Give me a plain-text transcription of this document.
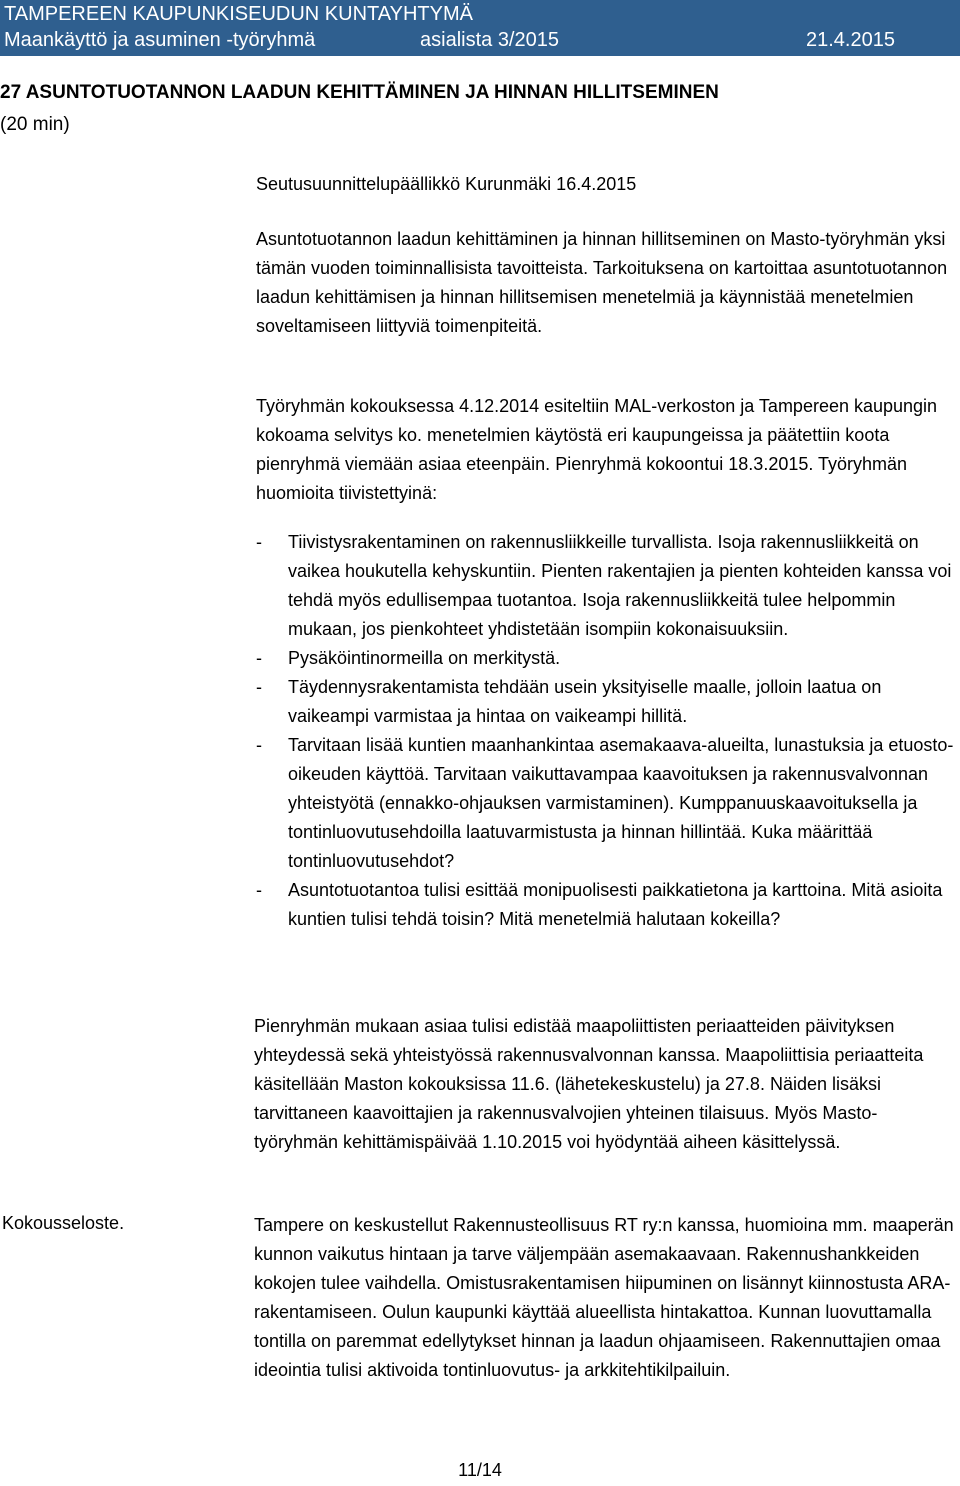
TAMPEREEN KAUPUNKISEUDUN KUNTAYHTYMÄ
Maankäyttö ja asuminen -työryhmä	asialista 3/2015	21.4.2015
27 ASUNTOTUOTANNON LAADUN KEHITTÄMINEN JA HINNAN HILLITSEMINEN
(20 min)
Seutusuunnittelupäällikkö Kurunmäki 16.4.2015

Asuntotuotannon laadun kehittäminen ja hinnan hillitseminen on Masto-työryhmän yksi tämän vuoden toiminnallisista tavoitteista. Tarkoituksena on kartoittaa asuntotuotannon laadun kehittämisen ja hinnan hillitsemisen menetelmiä ja käynnistää menetelmien soveltamiseen liittyviä toimenpiteitä.

Työryhmän kokouksessa 4.12.2014 esiteltiin MAL-verkoston ja Tampereen kaupungin kokoama selvitys ko. menetelmien käytöstä eri kaupungeissa ja päätettiin koota pienryhmä viemään asiaa eteenpäin. Pienryhmä kokoontui 18.3.2015. Työryhmän huomioita tiivistettyinä:

- Tiivistysrakentaminen on rakennusliikkeille turvallista. Isoja rakennusliikkeitä on vaikea houkutella kehyskuntiin. Pienten rakentajien ja pienten kohteiden kanssa voi tehdä myös edullisempaa tuotantoa. Isoja rakennusliikkeitä tulee helpommin mukaan, jos pienkohteet yhdistetään isompiin kokonaisuuksiin.
- Pysäköintinormeilla on merkitystä.
- Täydennysrakentamista tehdään usein yksityiselle maalle, jolloin laatua on vaikeampi varmistaa ja hintaa on vaikeampi hillitä.
- Tarvitaan lisää kuntien maanhankintaa asemakaava-alueilta, lunastuksia ja etuosto-oikeuden käyttöä. Tarvitaan vaikuttavampaa kaavoituksen ja rakennusvalvonnan yhteistyötä (ennakko-ohjauksen varmistaminen). Kumppanuuskaavoituksella ja tontinluovutusehdoilla laatuvarmistusta ja hinnan hillintää. Kuka määrittää tontinluovutusehdot?
- Asuntotuotantoa tulisi esittää monipuolisesti paikkatietona ja karttoina. Mitä asioita kuntien tulisi tehdä toisin? Mitä menetelmiä halutaan kokeilla?

Pienryhmän mukaan asiaa tulisi edistää maapoliittisten periaatteiden päivityksen yhteydessä sekä yhteistyössä rakennusvalvonnan kanssa. Maapoliittisia periaatteita käsitellään Maston kokouksissa 11.6. (lähetekeskustelu) ja 27.8. Näiden lisäksi tarvittaneen kaavoittajien ja rakennusvalvojien yhteinen tilaisuus. Myös Masto-työryhmän kehittämispäivää 1.10.2015 voi hyödyntää aiheen käsittelyssä.

Kokousseloste.	Tampere on keskustellut Rakennusteollisuus RT ry:n kanssa, huomioina mm. maaperän kunnon vaikutus hintaan ja tarve väljempään asemakaavaan. Rakennushankkeiden kokojen tulee vaihdella. Omistusrakentamisen hiipuminen on lisännyt kiinnostusta ARA-rakentamiseen. Oulun kaupunki käyttää alueellista hintakattoa. Kunnan luovuttamalla tontilla on paremmat edellytykset hinnan ja laadun ohjaamiseen. Rakennuttajien omaa ideointia tulisi aktivoida tontinluovutus- ja arkkitehtikilpailuin.

11/14
